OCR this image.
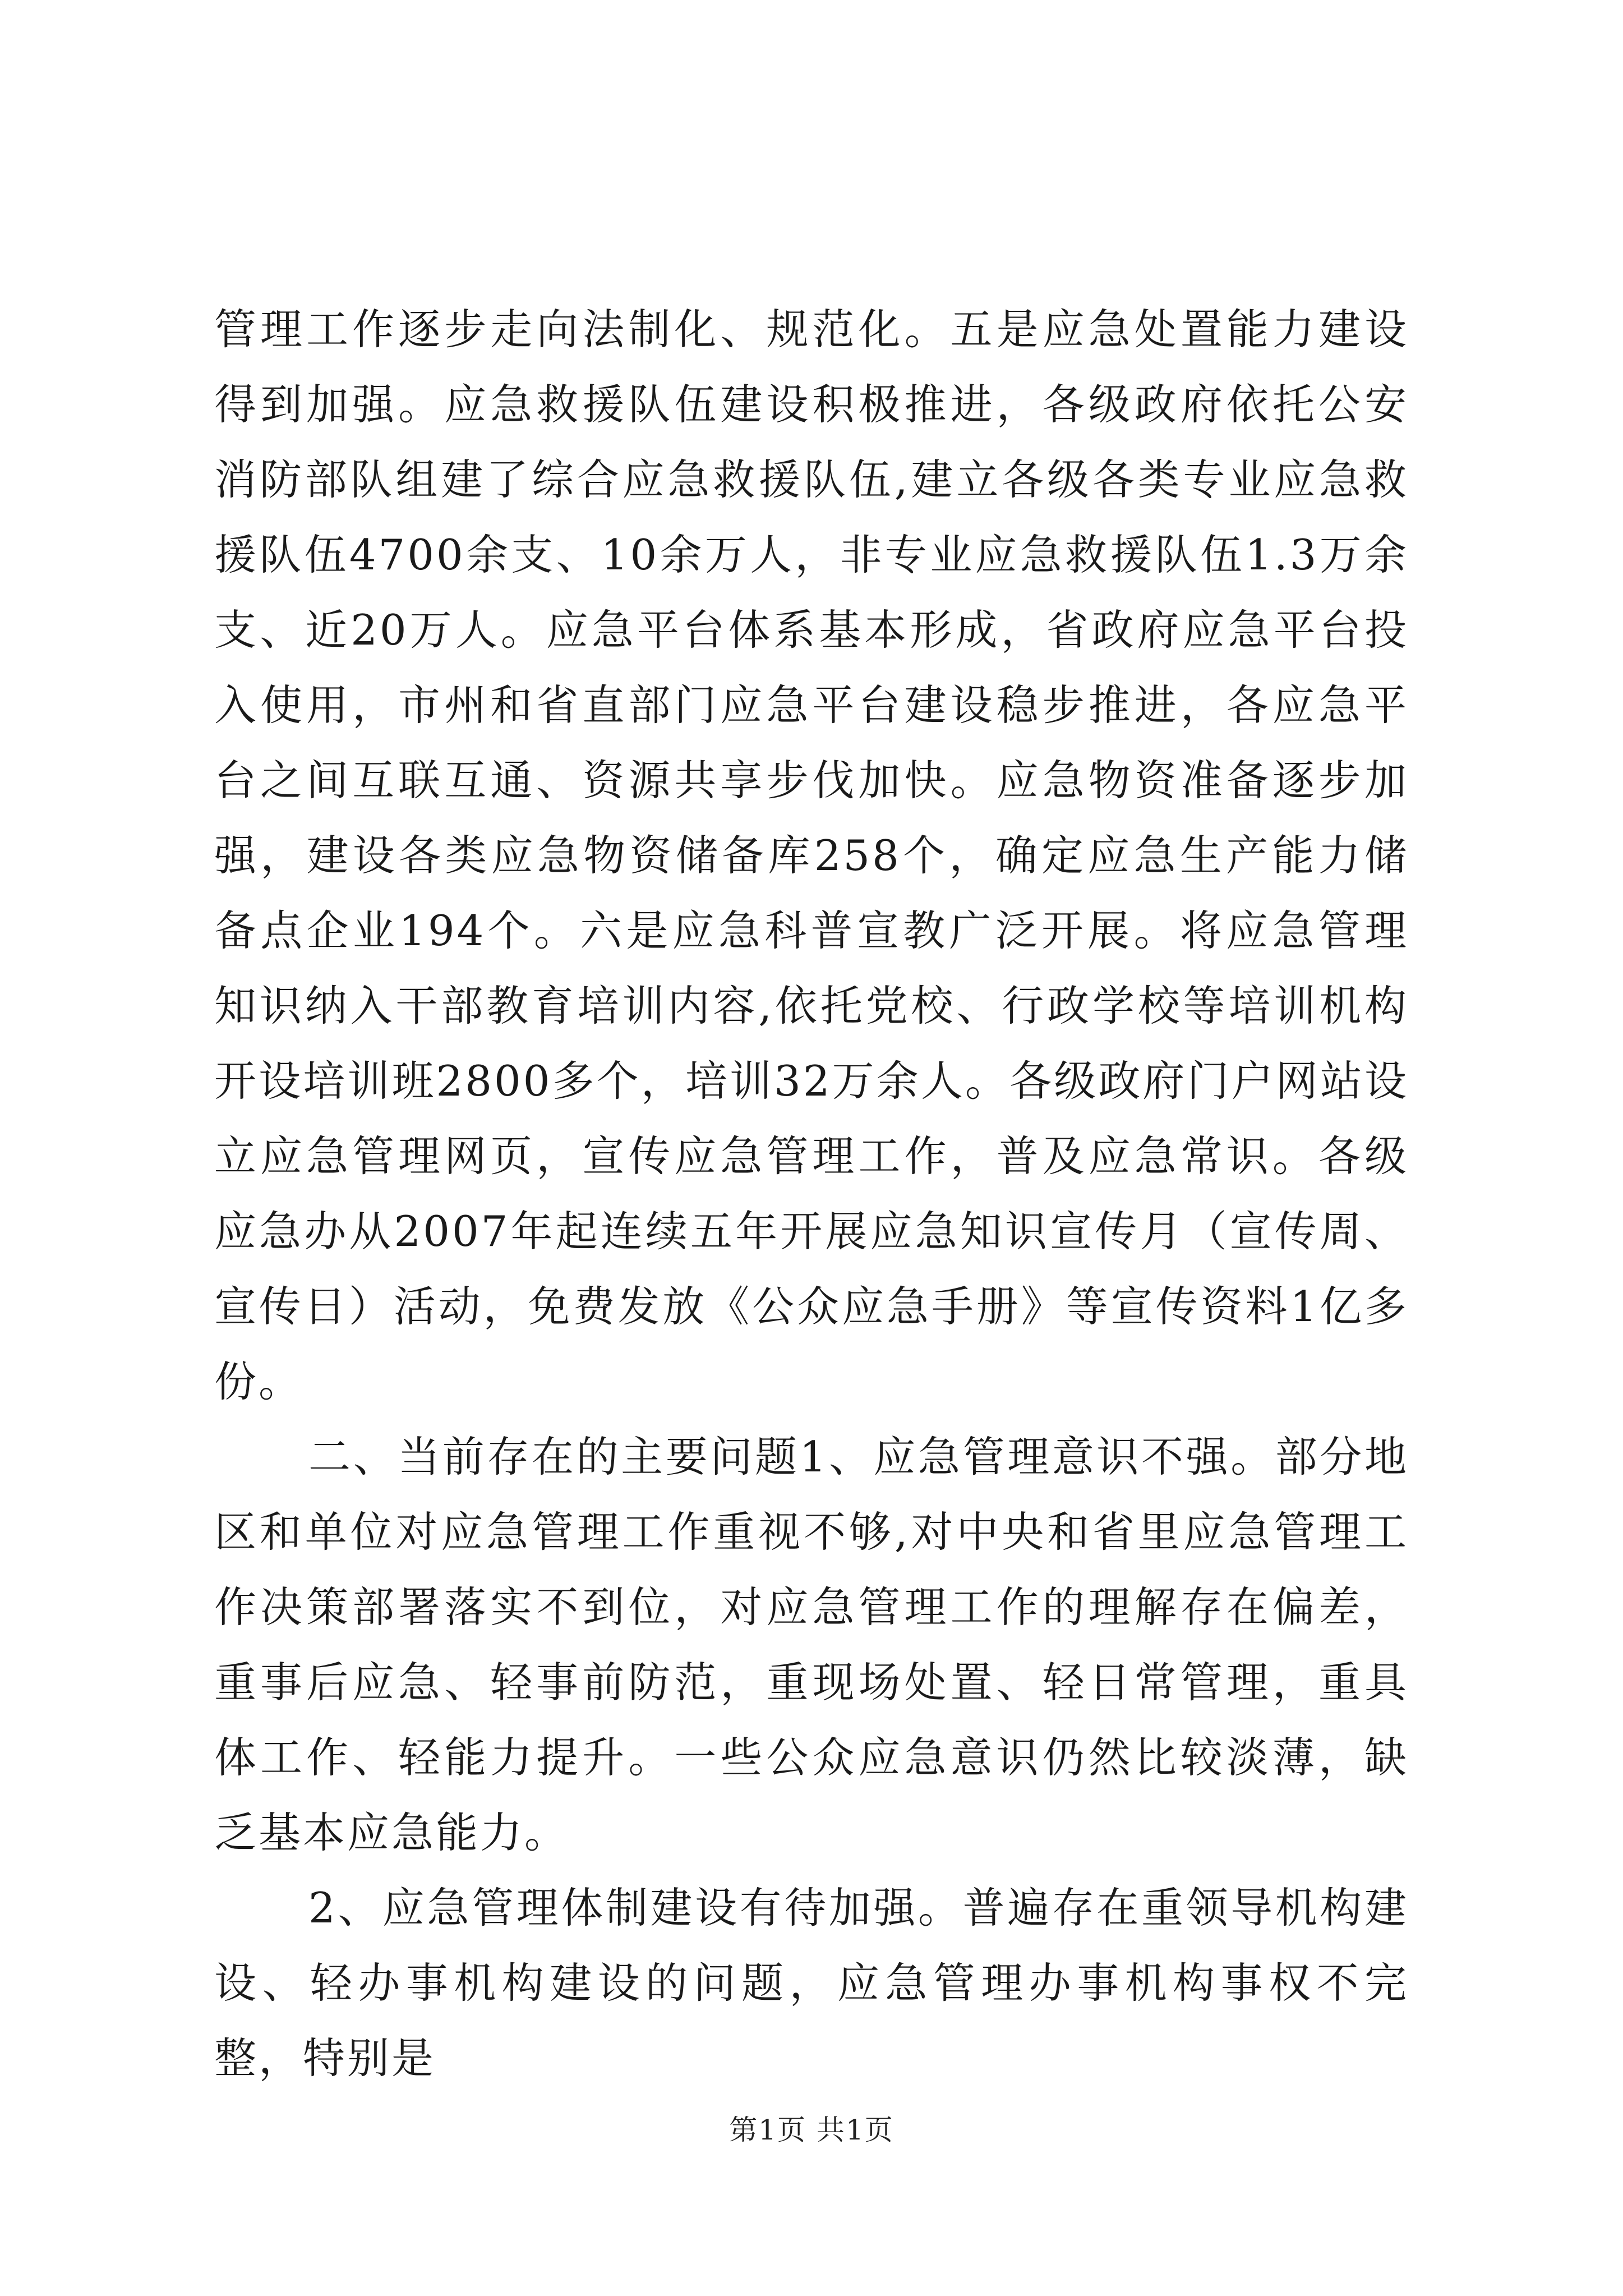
管理工作逐步走向法制化、规范化。五是应急处置能力建设得到加强。应急救援队伍建设积极推进，各级政府依托公安消防部队组建了综合应急救援队伍,建立各级各类专业应急救援队伍4700余支、10余万人，非专业应急救援队伍1.3万余支、近20万人。应急平台体系基本形成，省政府应急平台投入使用，市州和省直部门应急平台建设稳步推进，各应急平台之间互联互通、资源共享步伐加快。应急物资准备逐步加强，建设各类应急物资储备库258个，确定应急生产能力储备点企业194个。六是应急科普宣教广泛开展。将应急管理知识纳入干部教育培训内容,依托党校、行政学校等培训机构开设培训班2800多个，培训32万余人。各级政府门户网站设立应急管理网页，宣传应急管理工作，普及应急常识。各级应急办从2007年起连续五年开展应急知识宣传月（宣传周、宣传日）活动，免费发放《公众应急手册》等宣传资料1亿多份。

二、当前存在的主要问题1、应急管理意识不强。部分地区和单位对应急管理工作重视不够,对中央和省里应急管理工作决策部署落实不到位，对应急管理工作的理解存在偏差，重事后应急、轻事前防范，重现场处置、轻日常管理，重具体工作、轻能力提升。一些公众应急意识仍然比较淡薄，缺乏基本应急能力。

2、应急管理体制建设有待加强。普遍存在重领导机构建设、轻办事机构建设的问题，应急管理办事机构事权不完整，特别是

第1页 共1页
